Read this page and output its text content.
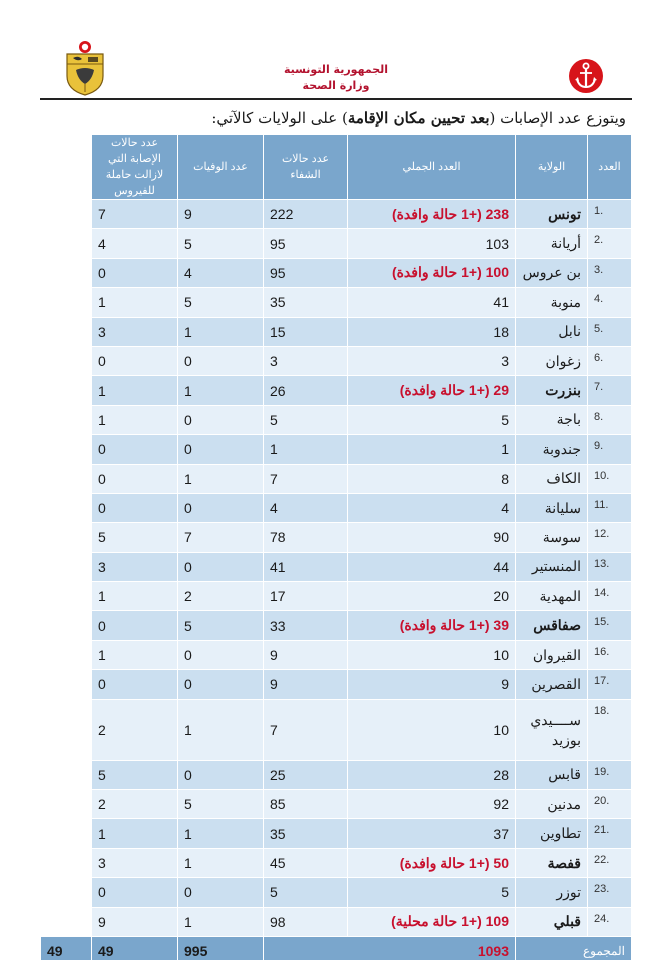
الجمهورية التونسية
وزارة الصحة
ويتوزع عدد الإصابات (بعد تحيين مكان الإقامة) على الولايات كالآتي:
العدد	الولاية	العدد الجملي	عدد حالات الشفاء	عدد الوفيات	عدد حالات الإصابة التي لازالت حاملة للفيروس	
1.	تونس	238 (+1 حالة وافدة)	222	9	7	
2.	أريانة	103	95	5	4	
3.	بن عروس	100 (+1 حالة وافدة)	95	4	0	
4.	منوبة	41	35	5	1	
5.	نابل	18	15	1	3	
6.	زغوان	3	3	0	0	
7.	بنزرت	29 (+1 حالة وافدة)	26	1	1	
8.	باجة	5	5	0	1	
9.	جندوبة	1	1	0	0	
10.	الكاف	8	7	1	0	
11.	سليانة	4	4	0	0	
12.	سوسة	90	78	7	5	
13.	المنستير	44	41	0	3	
14.	المهدية	20	17	2	1	
15.	صفاقس	39 (+1 حالة وافدة)	33	5	0	
16.	القيروان	10	9	0	1	
17.	القصرين	9	9	0	0	
18.	ســــيدي بوزيد	10	7	1	2	
19.	قابس	28	25	0	5	
20.	مدنين	92	85	5	2	
21.	تطاوين	37	35	1	1	
22.	قفصة	50 (+1 حالة وافدة)	45	1	3	
23.	توزر	5	5	0	0	
24.	قبلي	109 (+1 حالة محلية)	98	1	9	
المجموع		1093		995	49	49
